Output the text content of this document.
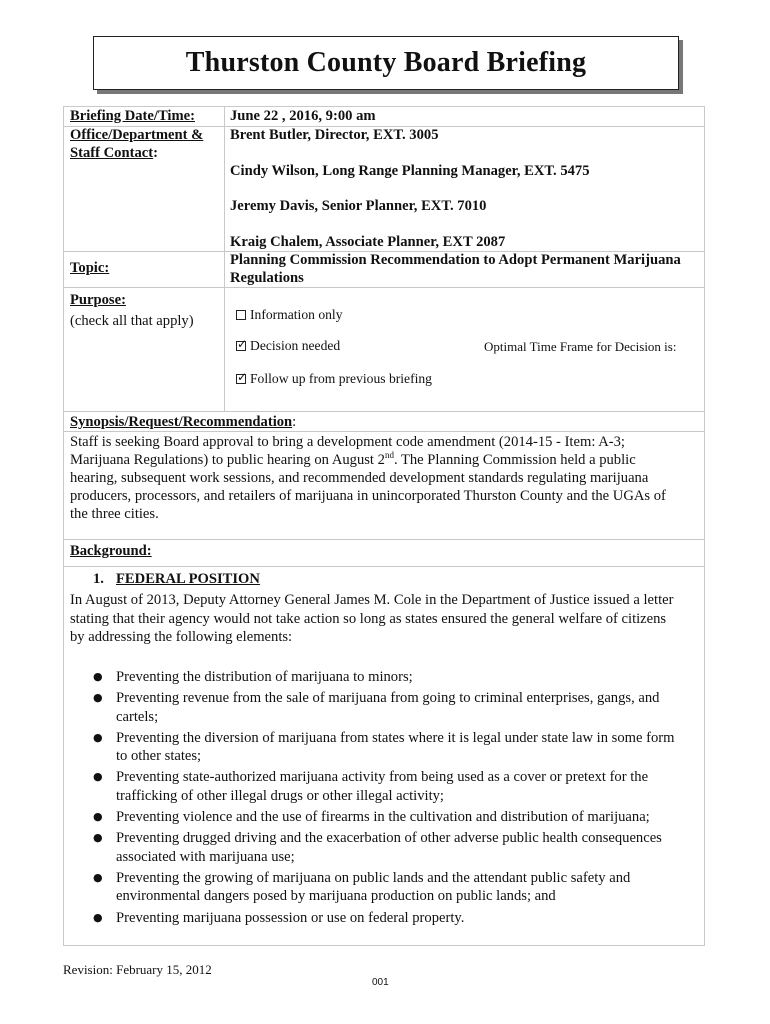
Thurston County Board Briefing
Briefing Date/Time: June 22 , 2016, 9:00 am
Office/Department &
Staff Contact:
Brent Butler, Director, EXT. 3005
Cindy Wilson, Long Range Planning Manager, EXT. 5475
Jeremy Davis, Senior Planner, EXT. 7010
Kraig Chalem, Associate Planner, EXT 2087
Topic:	Planning Commission Recommendation to Adopt Permanent Marijuana
Regulations
Purpose:
(check all that apply)	Information only
✓ Decision needed	Optimal Time Frame for Decision is:
✓ Follow up from previous briefing
Synopsis/Request/Recommendation:
Staff is seeking Board approval to bring a development code amendment (2014-15 - Item: A-3;
Marijuana Regulations) to public hearing on August 2nd. The Planning Commission held a public
hearing, subsequent work sessions, and recommended development standards regulating marijuana
producers, processors, and retailers of marijuana in unincorporated Thurston County and the UGAs of
the three cities.
Background:
1. FEDERAL POSITION
In August of 2013, Deputy Attorney General James M. Cole in the Department of Justice issued a letter
stating that their agency would not take action so long as states ensured the general welfare of citizens
by addressing the following elements:
● Preventing the distribution of marijuana to minors;
● Preventing revenue from the sale of marijuana from going to criminal enterprises, gangs, and
cartels;
● Preventing the diversion of marijuana from states where it is legal under state law in some form
to other states;
● Preventing state-authorized marijuana activity from being used as a cover or pretext for the
trafficking of other illegal drugs or other illegal activity;
● Preventing violence and the use of firearms in the cultivation and distribution of marijuana;
● Preventing drugged driving and the exacerbation of other adverse public health consequences
associated with marijuana use;
● Preventing the growing of marijuana on public lands and the attendant public safety and
environmental dangers posed by marijuana production on public lands; and
● Preventing marijuana possession or use on federal property.
Revision: February 15, 2012
001
